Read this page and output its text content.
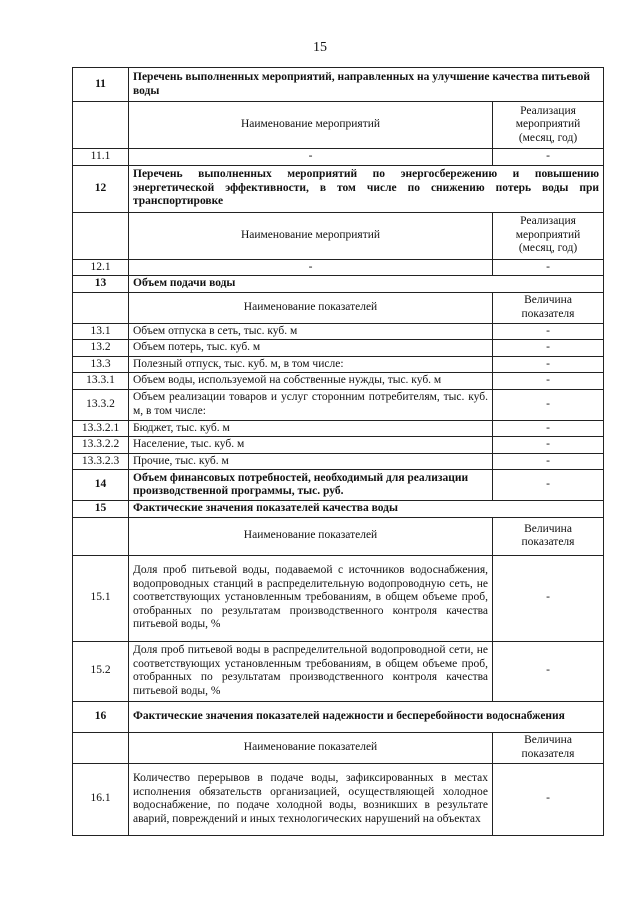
15
11	Перечень выполненных мероприятий, направленных на улучшение качества питьевой воды	
	Наименование мероприятий	Реализация мероприятий (месяц, год)
11.1	-	-
12	Перечень выполненных мероприятий по энергосбережению и повышению энергетической эффективности, в том числе по снижению потерь воды при транспортировке	
	Наименование мероприятий	Реализация мероприятий (месяц, год)
12.1	-	-
13	Объем подачи воды	
	Наименование показателей	Величина показателя
13.1	Объем отпуска в сеть, тыс. куб. м	-
13.2	Объем потерь, тыс. куб. м	-
13.3	Полезный отпуск, тыс. куб. м, в том числе:	-
13.3.1	Объем воды, используемой на собственные нужды, тыс. куб. м	-
13.3.2	Объем реализации товаров и услуг сторонним потребителям, тыс. куб. м, в том числе:	-
13.3.2.1	Бюджет, тыс. куб. м	-
13.3.2.2	Население, тыс. куб. м	-
13.3.2.3	Прочие, тыс. куб. м	-
14	Объем финансовых потребностей, необходимый для реализации производственной программы, тыс. руб.	-
15	Фактические значения показателей качества воды	
	Наименование показателей	Величина показателя
15.1	Доля проб питьевой воды, подаваемой с источников водоснабжения, водопроводных станций в распределительную водопроводную сеть, не соответствующих установленным требованиям, в общем объеме проб, отобранных по результатам производственного контроля качества питьевой воды, %	-
15.2	Доля проб питьевой воды в распределительной водопроводной сети, не соответствующих установленным требованиям, в общем объеме проб, отобранных по результатам производственного контроля качества питьевой воды, %	-
16	Фактические значения показателей надежности и бесперебойности водоснабжения	
	Наименование показателей	Величина показателя
16.1	Количество перерывов в подаче воды, зафиксированных в местах исполнения обязательств организацией, осуществляющей холодное водоснабжение, по подаче холодной воды, возникших в результате аварий, повреждений и иных технологических нарушений на объектах	-
